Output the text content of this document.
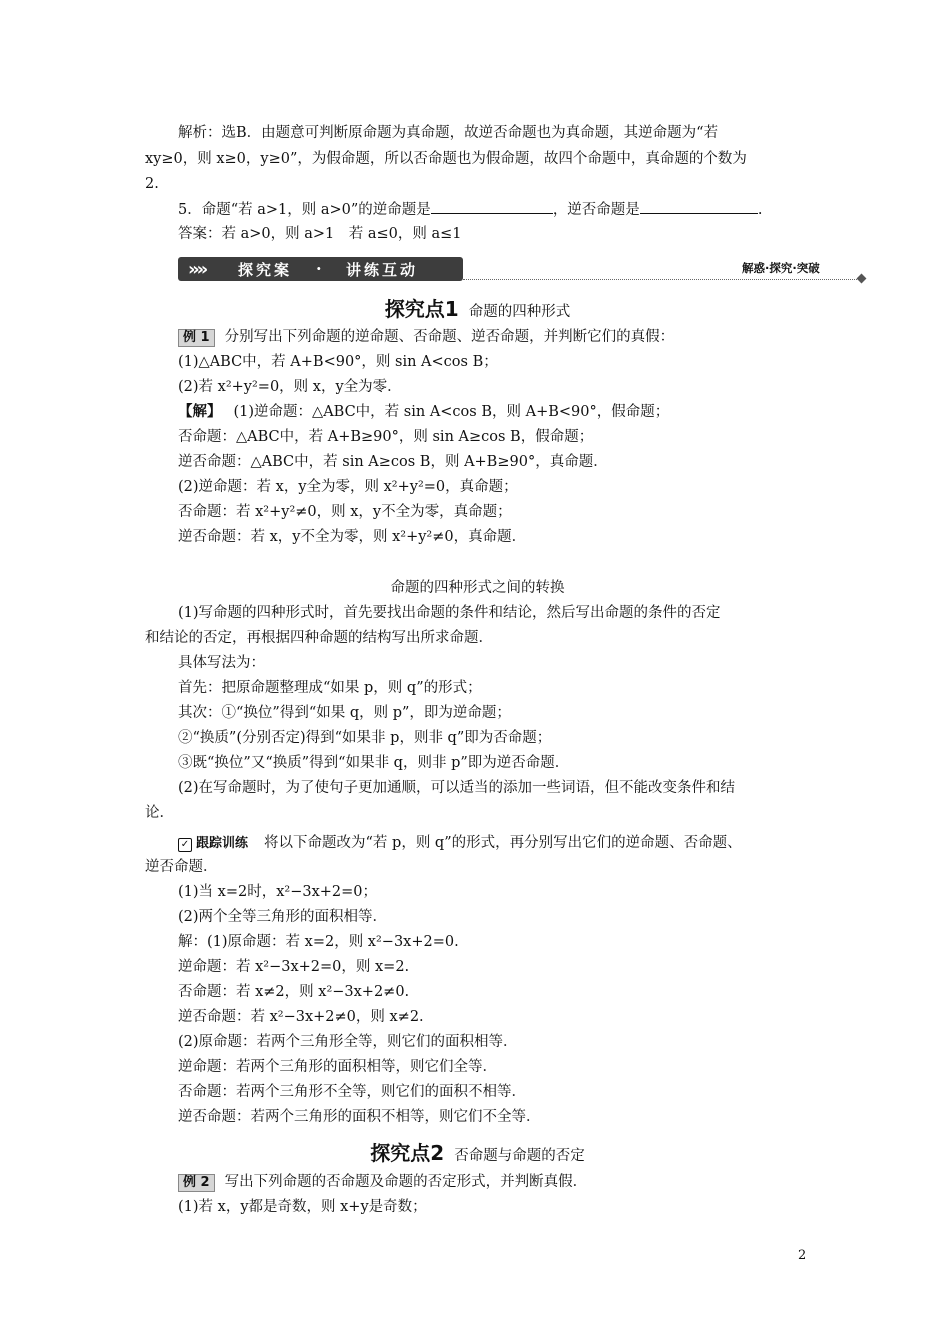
解析：选B．由题意可判断原命题为真命题，故逆否命题也为真命题，其逆命题为“若
xy≥0，则 x≥0，y≥0”，为假命题，所以否命题也为假命题，故四个命题中，真命题的个数为
2.
5．命题“若 a>1，则 a>0”的逆命题是	，逆否命题是	.
答案：若 a>0，则 a>1　若 a≤0，则 a≤1
»» 探究案 · 讲练互动	解惑·探究·突破
探究点1 命题的四种形式
例 1 分别写出下列命题的逆命题、否命题、逆否命题，并判断它们的真假：
(1)△ABC中，若 A+B<90°，则 sin A<cos B；
(2)若 x²+y²=0，则 x，y全为零．
【解】 (1)逆命题：△ABC中，若 sin A<cos B，则 A+B<90°，假命题；
否命题：△ABC中，若 A+B≥90°，则 sin A≥cos B，假命题；
逆否命题：△ABC中，若 sin A≥cos B，则 A+B≥90°，真命题．
(2)逆命题：若 x，y全为零，则 x²+y²=0，真命题；
否命题：若 x²+y²≠0，则 x，y不全为零，真命题；
逆否命题：若 x，y不全为零，则 x²+y²≠0，真命题．
命题的四种形式之间的转换
(1)写命题的四种形式时，首先要找出命题的条件和结论，然后写出命题的条件的否定
和结论的否定，再根据四种命题的结构写出所求命题．
具体写法为：
首先：把原命题整理成“如果 p，则 q”的形式；
其次：①“换位”得到“如果 q，则 p”，即为逆命题；
②“换质”(分别否定)得到“如果非 p，则非 q”即为否命题；
③既“换位”又“换质”得到“如果非 q，则非 p”即为逆否命题．
(2)在写命题时，为了使句子更加通顺，可以适当的添加一些词语，但不能改变条件和结
论．
✓ 跟踪训练 将以下命题改为“若 p，则 q”的形式，再分别写出它们的逆命题、否命题、
逆否命题．
(1)当 x=2时，x²−3x+2=0；
(2)两个全等三角形的面积相等．
解：(1)原命题：若 x=2，则 x²−3x+2=0.
逆命题：若 x²−3x+2=0，则 x=2.
否命题：若 x≠2，则 x²−3x+2≠0.
逆否命题：若 x²−3x+2≠0，则 x≠2.
(2)原命题：若两个三角形全等，则它们的面积相等．
逆命题：若两个三角形的面积相等，则它们全等．
否命题：若两个三角形不全等，则它们的面积不相等．
逆否命题：若两个三角形的面积不相等，则它们不全等．
探究点2 否命题与命题的否定
例 2 写出下列命题的否命题及命题的否定形式，并判断真假．
(1)若 x，y都是奇数，则 x+y是奇数；
2
